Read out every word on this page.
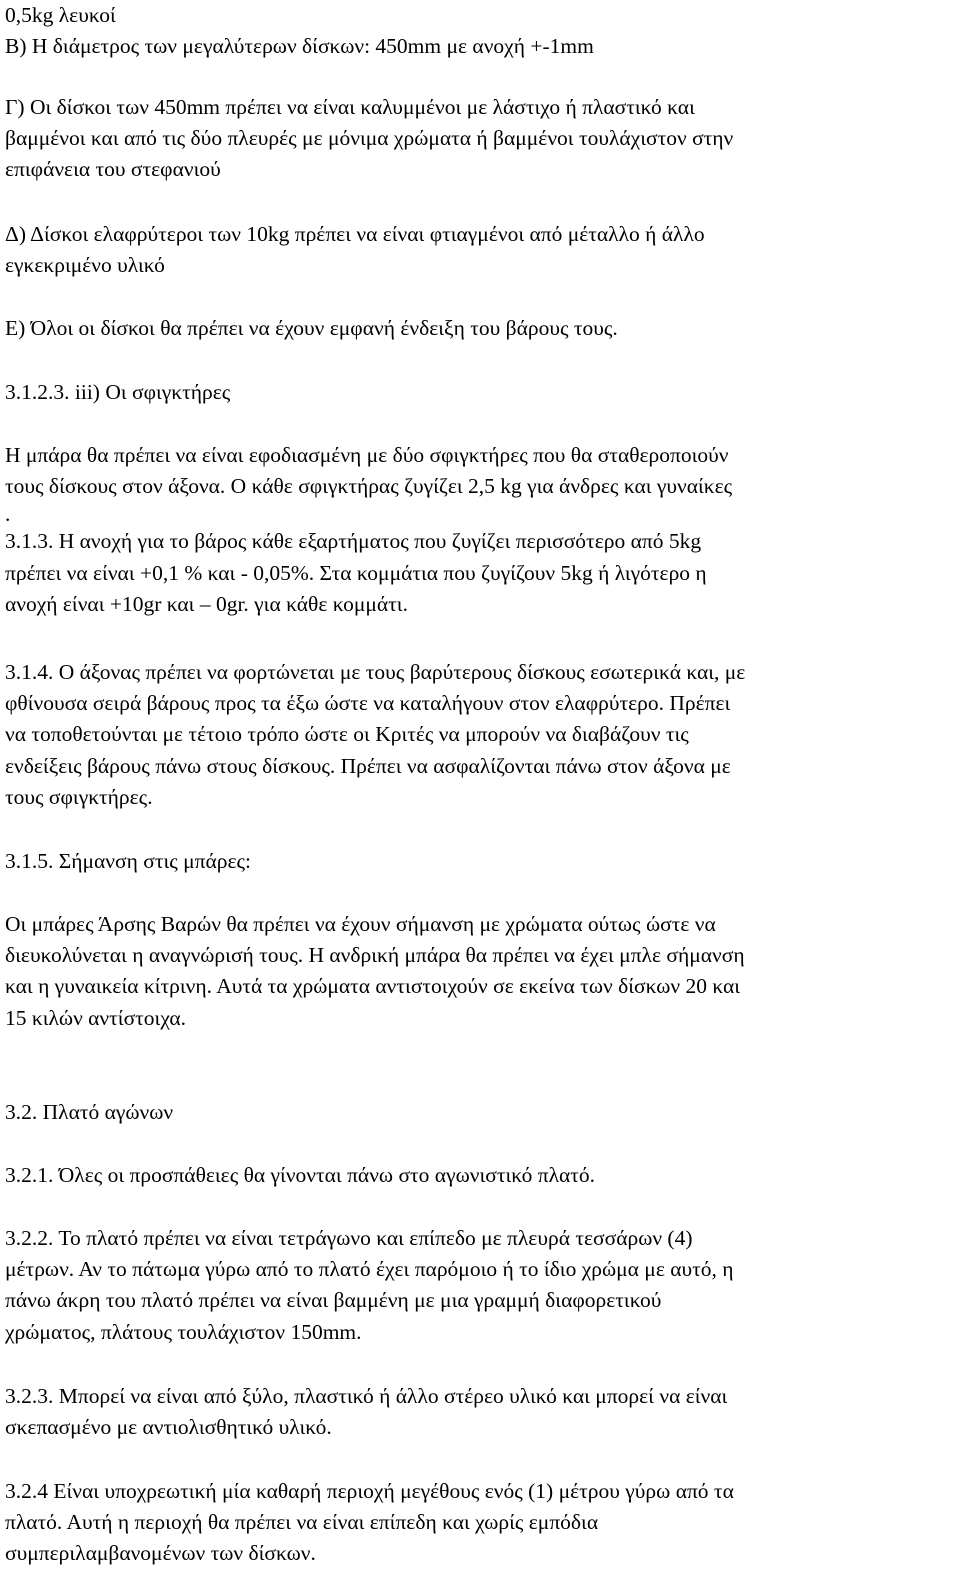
0,5kg λευκοί
Β) Η διάμετρος των μεγαλύτερων δίσκων: 450mm με ανοχή +-1mm
Γ) Οι δίσκοι των 450mm πρέπει να είναι καλυμμένοι με λάστιχο ή πλαστικό και
βαμμένοι και από τις δύο πλευρές με μόνιμα χρώματα ή βαμμένοι τουλάχιστον στην
επιφάνεια του στεφανιού
Δ) Δίσκοι ελαφρύτεροι των 10kg πρέπει να είναι φτιαγμένοι από μέταλλο ή άλλο
εγκεκριμένο υλικό
Ε) Όλοι οι δίσκοι θα πρέπει να έχουν εμφανή ένδειξη του βάρους τους.
3.1.2.3. iii) Οι σφιγκτήρες
Η μπάρα θα πρέπει να είναι εφοδιασμένη με δύο σφιγκτήρες που θα σταθεροποιούν
τους δίσκους στον άξονα. Ο κάθε σφιγκτήρας ζυγίζει 2,5 kg για άνδρες και γυναίκες
.
3.1.3. Η ανοχή για το βάρος κάθε εξαρτήματος που ζυγίζει περισσότερο από 5kg
πρέπει να είναι +0,1 % και - 0,05%. Στα κομμάτια που ζυγίζουν 5kg ή λιγότερο η
ανοχή είναι +10gr και – 0gr. για κάθε κομμάτι.
3.1.4. Ο άξονας πρέπει να φορτώνεται με τους βαρύτερους δίσκους εσωτερικά και, με
φθίνουσα σειρά βάρους προς τα έξω ώστε να καταλήγουν στον ελαφρύτερο. Πρέπει
να τοποθετούνται με τέτοιο τρόπο ώστε οι Κριτές να μπορούν να διαβάζουν τις
ενδείξεις βάρους πάνω στους δίσκους. Πρέπει να ασφαλίζονται πάνω στον άξονα με
τους σφιγκτήρες.
3.1.5. Σήμανση στις μπάρες:
Οι μπάρες Άρσης Βαρών θα πρέπει να έχουν σήμανση με χρώματα ούτως ώστε να
διευκολύνεται η αναγνώρισή τους. Η ανδρική μπάρα θα πρέπει να έχει μπλε σήμανση
και η γυναικεία κίτρινη. Αυτά τα χρώματα αντιστοιχούν σε εκείνα των δίσκων 20 και
15 κιλών αντίστοιχα.
3.2. Πλατό αγώνων
3.2.1. Όλες οι προσπάθειες θα γίνονται πάνω στο αγωνιστικό πλατό.
3.2.2. Το πλατό πρέπει να είναι τετράγωνο και επίπεδο με πλευρά τεσσάρων (4)
μέτρων. Αν το πάτωμα γύρω από το πλατό έχει παρόμοιο ή το ίδιο χρώμα με αυτό, η
πάνω άκρη του πλατό πρέπει να είναι βαμμένη με μια γραμμή διαφορετικού
χρώματος, πλάτους τουλάχιστον 150mm.
3.2.3. Μπορεί να είναι από ξύλο, πλαστικό ή άλλο στέρεο υλικό και μπορεί να είναι
σκεπασμένο με αντιολισθητικό υλικό.
3.2.4 Είναι υποχρεωτική μία καθαρή περιοχή μεγέθους ενός (1) μέτρου γύρω από τα
πλατό. Αυτή η περιοχή θα πρέπει να είναι επίπεδη και χωρίς εμπόδια
συμπεριλαμβανομένων των δίσκων.
